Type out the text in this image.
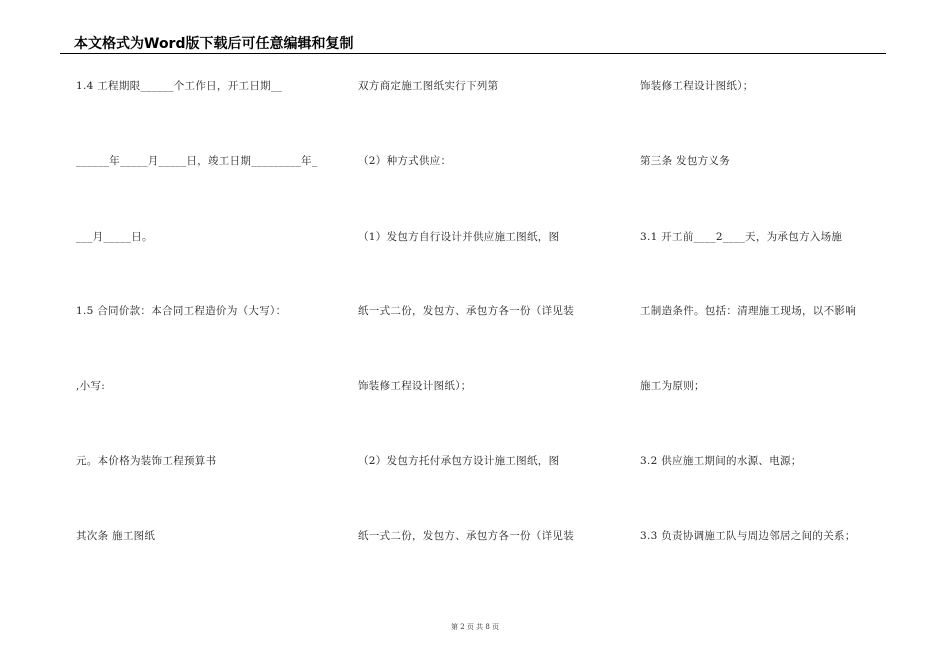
本文格式为Word版下载后可任意编辑和复制
1.4 工程期限______个工作日，开工日期__
______年_____月_____日，竣工日期_________年_
___月_____日。
1.5 合同价款：本合同工程造价为（大写）：
,小写:
元。本价格为装饰工程预算书
其次条 施工图纸
双方商定施工图纸实行下列第
（2）种方式供应：
（1）发包方自行设计并供应施工图纸，图
纸一式二份，发包方、承包方各一份（详见装
饰装修工程设计图纸）；
（2）发包方托付承包方设计施工图纸，图
纸一式二份，发包方、承包方各一份（详见装
饰装修工程设计图纸）；
第三条 发包方义务
3.1 开工前____2____天，为承包方入场施
工制造条件。包括：清理施工现场，以不影响
施工为原则；
3.2 供应施工期间的水源、电源；
3.3 负责协调施工队与周边邻居之间的关系；
第 2 页 共 8 页
